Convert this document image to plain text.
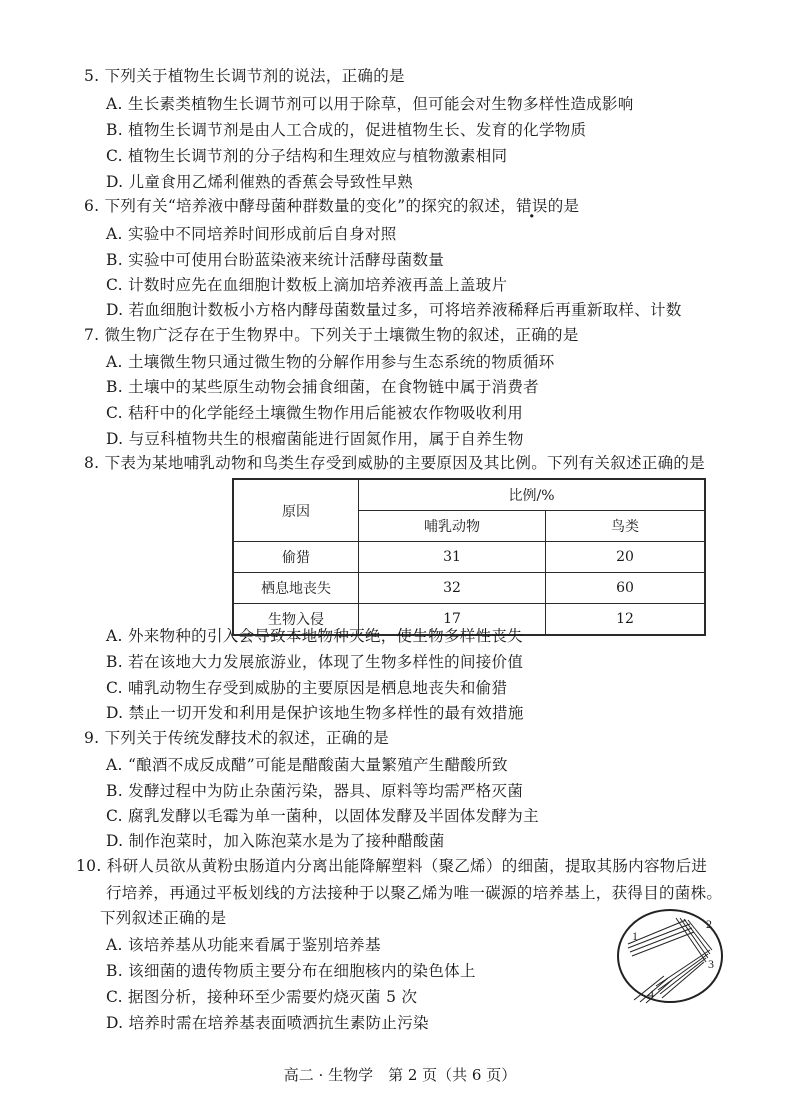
5. 下列关于植物生长调节剂的说法，正确的是
A. 生长素类植物生长调节剂可以用于除草，但可能会对生物多样性造成影响
B. 植物生长调节剂是由人工合成的，促进植物生长、发育的化学物质
C. 植物生长调节剂的分子结构和生理效应与植物激素相同
D. 儿童食用乙烯利催熟的香蕉会导致性早熟
6. 下列有关“培养液中酵母菌种群数量的变化”的探究的叙述，错误的是
A. 实验中不同培养时间形成前后自身对照
B. 实验中可使用台盼蓝染液来统计活酵母菌数量
C. 计数时应先在血细胞计数板上滴加培养液再盖上盖玻片
D. 若血细胞计数板小方格内酵母菌数量过多，可将培养液稀释后再重新取样、计数
7. 微生物广泛存在于生物界中。下列关于土壤微生物的叙述，正确的是
A. 土壤微生物只通过微生物的分解作用参与生态系统的物质循环
B. 土壤中的某些原生动物会捕食细菌，在食物链中属于消费者
C. 秸秆中的化学能经土壤微生物作用后能被农作物吸收利用
D. 与豆科植物共生的根瘤菌能进行固氮作用，属于自养生物
8. 下表为某地哺乳动物和鸟类生存受到威胁的主要原因及其比例。下列有关叙述正确的是
原因	比例/%	
	哺乳动物	鸟类
偷猎	31	20
栖息地丧失	32	60
生物入侵	17	12
A. 外来物种的引入会导致本地物种灭绝，使生物多样性丧失
B. 若在该地大力发展旅游业，体现了生物多样性的间接价值
C. 哺乳动物生存受到威胁的主要原因是栖息地丧失和偷猎
D. 禁止一切开发和利用是保护该地生物多样性的最有效措施
9. 下列关于传统发酵技术的叙述，正确的是
A. “酿酒不成反成醋”可能是醋酸菌大量繁殖产生醋酸所致
B. 发酵过程中为防止杂菌污染，器具、原料等均需严格灭菌
C. 腐乳发酵以毛霉为单一菌种，以固体发酵及半固体发酵为主
D. 制作泡菜时，加入陈泡菜水是为了接种醋酸菌
10. 科研人员欲从黄粉虫肠道内分离出能降解塑料（聚乙烯）的细菌，提取其肠内容物后进
行培养，再通过平板划线的方法接种于以聚乙烯为唯一碳源的培养基上，获得目的菌株。
下列叙述正确的是
A. 该培养基从功能来看属于鉴别培养基
B. 该细菌的遗传物质主要分布在细胞核内的染色体上
C. 据图分析，接种环至少需要灼烧灭菌 5 次
D. 培养时需在培养基表面喷洒抗生素防止污染
1
2
3
4
高二 · 生物学　第 2 页（共 6 页）
